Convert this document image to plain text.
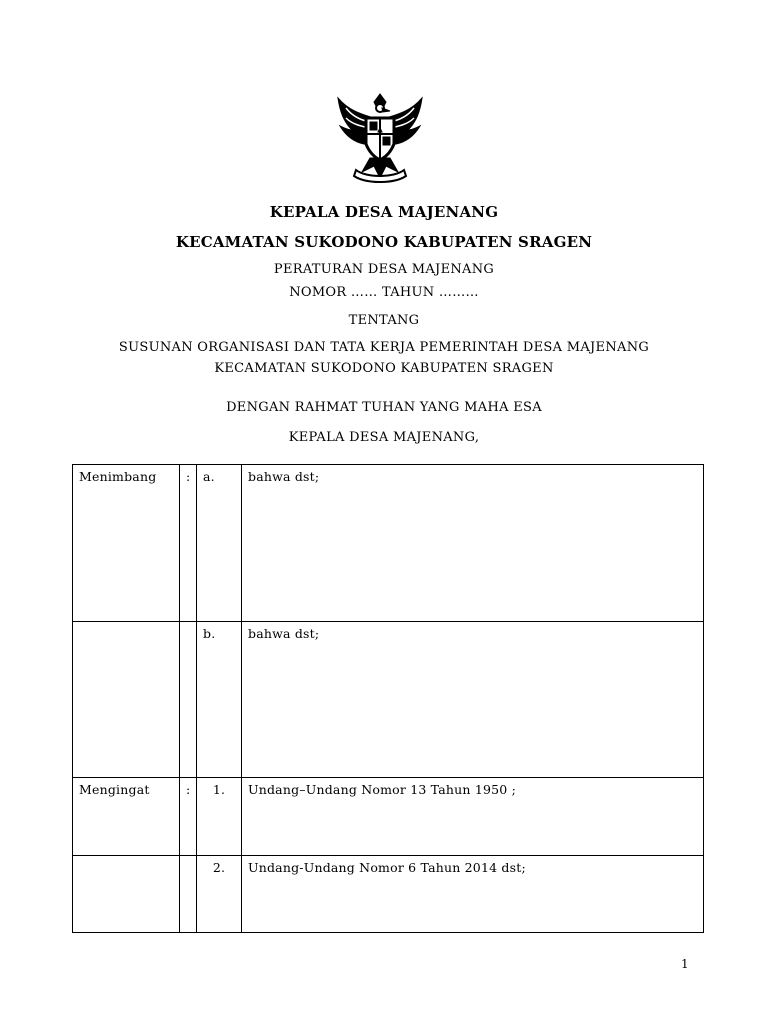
KEPALA DESA MAJENANG
KECAMATAN SUKODONO KABUPATEN SRAGEN
PERATURAN DESA MAJENANG
NOMOR …… TAHUN ………
TENTANG
SUSUNAN ORGANISASI DAN TATA KERJA PEMERINTAH DESA MAJENANG
KECAMATAN SUKODONO KABUPATEN SRAGEN
DENGAN RAHMAT TUHAN YANG MAHA ESA
KEPALA DESA MAJENANG,
Menimbang	:	a.	bahwa dst;
		b.	bahwa dst;
Mengingat	:	1.	Undang–Undang Nomor 13 Tahun 1950 ;
		2.	Undang-Undang Nomor 6 Tahun 2014 dst;
1
